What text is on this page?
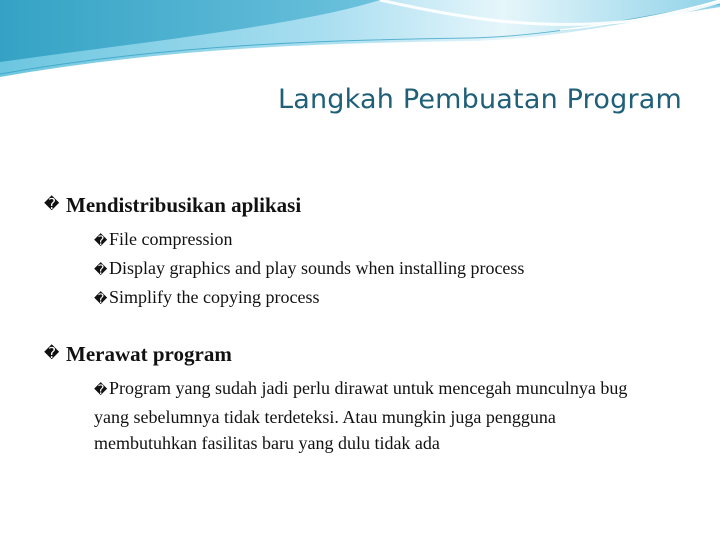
Langkah Pembuatan Program
� Mendistribusikan aplikasi
�File compression
�Display graphics and play sounds when installing process
�Simplify the copying process
� Merawat program
�Program yang sudah jadi perlu dirawat untuk mencegah munculnya bug yang sebelumnya tidak terdeteksi. Atau mungkin juga pengguna membutuhkan fasilitas baru yang dulu tidak ada
